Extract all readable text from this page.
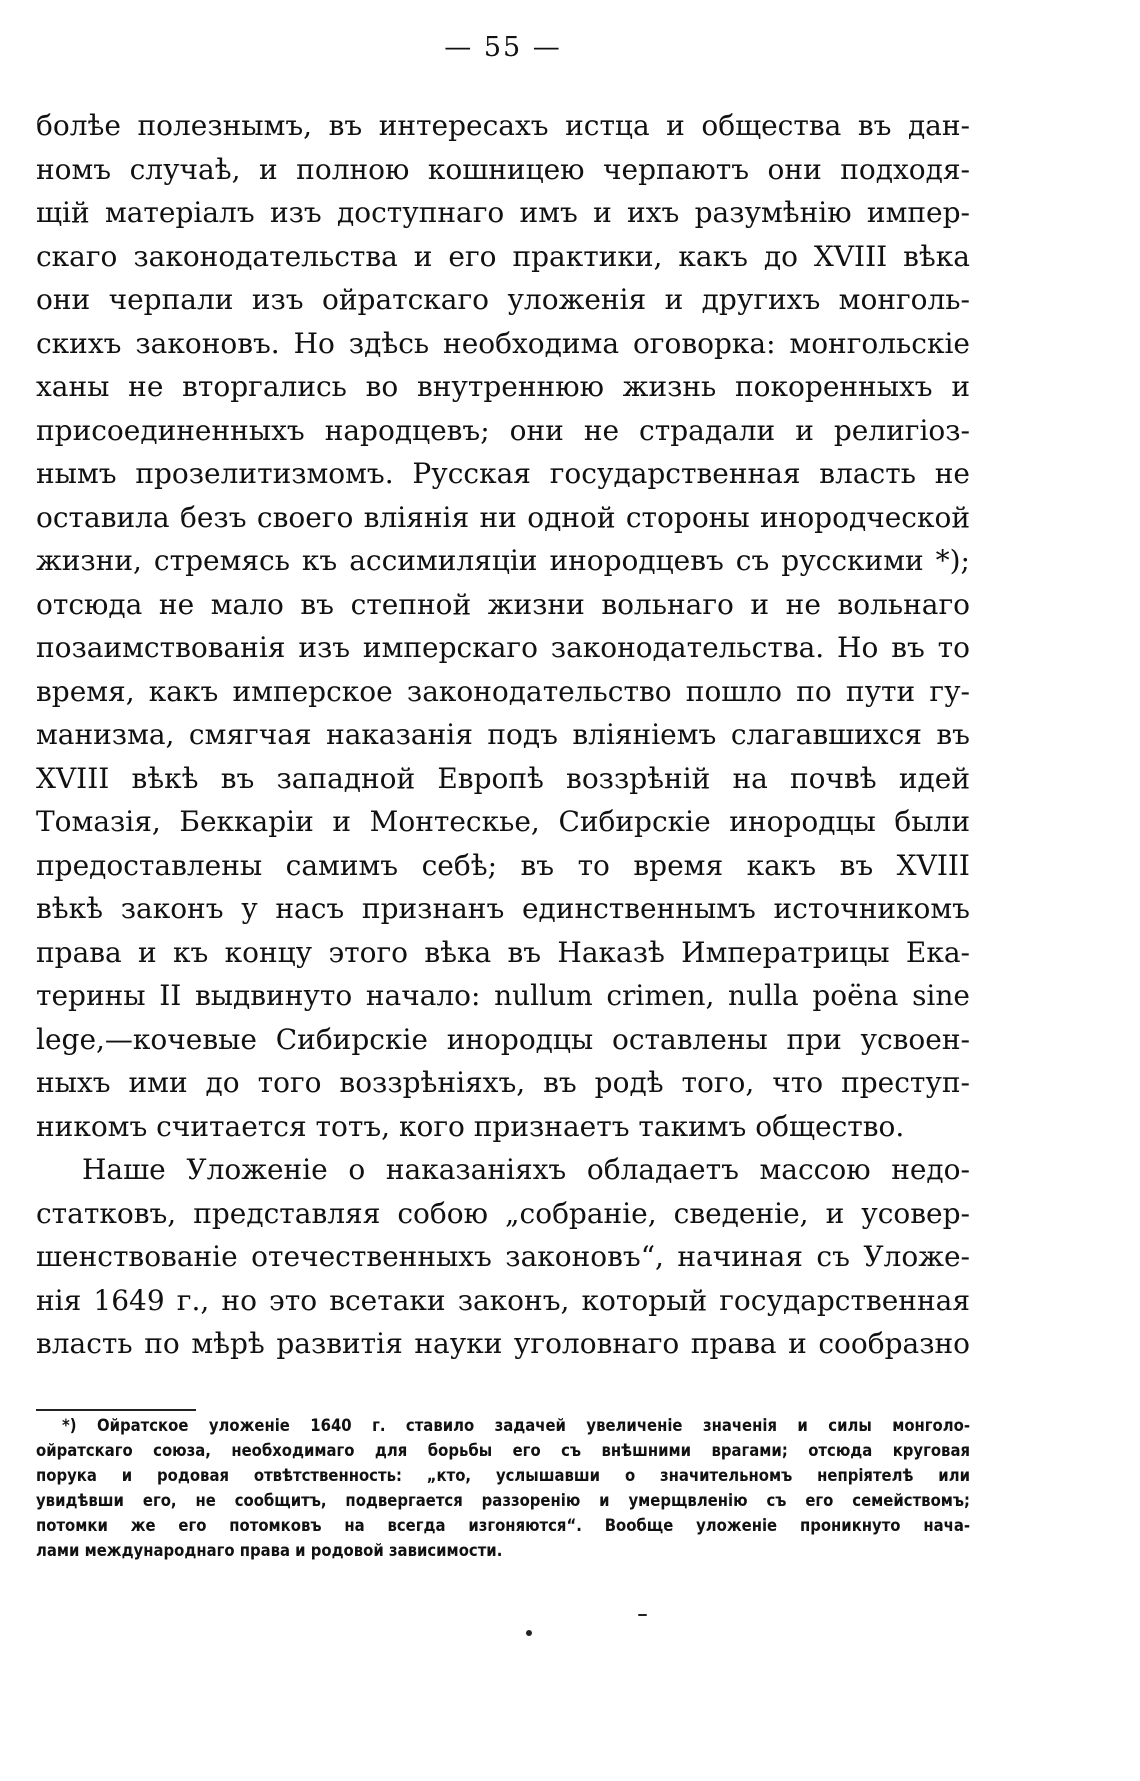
— 55 —
болѣе полезнымъ, въ интересахъ истца и общества въ дан-
номъ случаѣ, и полною кошницею черпаютъ они подходя-
щій матеріалъ изъ доступнаго имъ и ихъ разумѣнію импер-
скаго законодательства и его практики, какъ до XVIII вѣка
они черпали изъ ойратскаго уложенія и другихъ монголь-
скихъ законовъ. Но здѣсь необходима оговорка: монгольскіе
ханы не вторгались во внутреннюю жизнь покоренныхъ и
присоединенныхъ народцевъ; они не страдали и религіоз-
нымъ прозелитизмомъ. Русская государственная власть не
оставила безъ своего вліянія ни одной стороны инородческой
жизни, стремясь къ ассимиляціи инородцевъ съ русскими *);
отсюда не мало въ степной жизни вольнаго и не вольнаго
позаимствованія изъ имперскаго законодательства. Но въ то
время, какъ имперское законодательство пошло по пути гу-
манизма, смягчая наказанія подъ вліяніемъ слагавшихся въ
XVIII вѣкѣ въ западной Европѣ воззрѣній на почвѣ идей
Томазія, Беккаріи и Монтескье, Сибирскіе инородцы были
предоставлены самимъ себѣ; въ то время какъ въ XVIII
вѣкѣ законъ у насъ признанъ единственнымъ источникомъ
права и къ концу этого вѣка въ Наказѣ Императрицы Ека-
терины II выдвинуто начало: nullum crimen, nulla poёna sine
lege,—кочевые Сибирскіе инородцы оставлены при усвоен-
ныхъ ими до того воззрѣніяхъ, въ родѣ того, что преступ-
никомъ считается тотъ, кого признаетъ такимъ общество.
Наше Уложеніе о наказаніяхъ обладаетъ массою недо-
статковъ, представляя собою „собраніе, сведеніе, и усовер-
шенствованіе отечественныхъ законовъ“, начиная съ Уложе-
нія 1649 г., но это всетаки законъ, который государственная
власть по мѣрѣ развитія науки уголовнаго права и сообразно
*) Ойратское уложеніе 1640 г. ставило задачей увеличеніе значенія и силы монголо-
ойратскаго союза, необходимаго для борьбы его съ внѣшними врагами; отсюда круговая
порука и родовая отвѣтственность: „кто, услышавши о значительномъ непріятелѣ или
увидѣвши его, не сообщитъ, подвергается раззоренію и умерщвленію съ его семействомъ;
потомки же его потомковъ на всегда изгоняются“. Вообще уложеніе проникнуто нача-
лами международнаго права и родовой зависимости.
